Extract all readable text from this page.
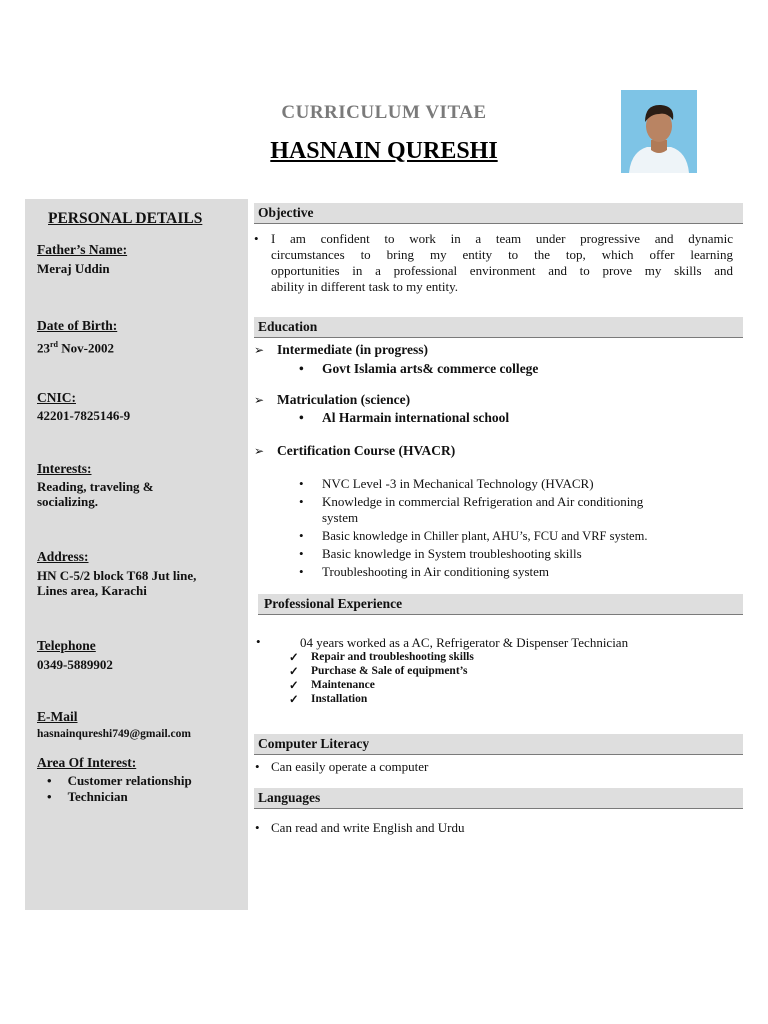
CURRICULUM VITAE
HASNAIN QURESHI
PERSONAL DETAILS
Father’s Name:
Meraj Uddin
Date of Birth:
23rd Nov-2002
CNIC:
42201-7825146-9
Interests:
Reading, traveling &
socializing.
Address:
HN C-5/2 block T68 Jut line,
Lines area, Karachi
Telephone
0349-5889902
E-Mail
hasnainqureshi749@gmail.com
Area Of Interest:
• Customer relationship
• Technician
Objective
• I am confident to work in a team under progressive and dynamic
circumstances to bring my entity to the top, which offer learning
opportunities in a professional environment and to prove my skills and
ability in different task to my entity.
Education
➢ Intermediate (in progress)
• Govt Islamia arts& commerce college
➢ Matriculation (science)
• Al Harmain international school
➢ Certification Course (HVACR)
• NVC Level -3 in Mechanical Technology (HVACR)
• Knowledge in commercial Refrigeration and Air conditioning
system
• Basic knowledge in Chiller plant, AHU’s, FCU and VRF system.
• Basic knowledge in System troubleshooting skills
• Troubleshooting in Air conditioning system
Professional Experience
•	04 years worked as a AC, Refrigerator & Dispenser Technician
✓ Repair and troubleshooting skills
✓ Purchase & Sale of equipment’s
✓ Maintenance
✓ Installation
Computer Literacy
• Can easily operate a computer
Languages
• Can read and write English and Urdu
